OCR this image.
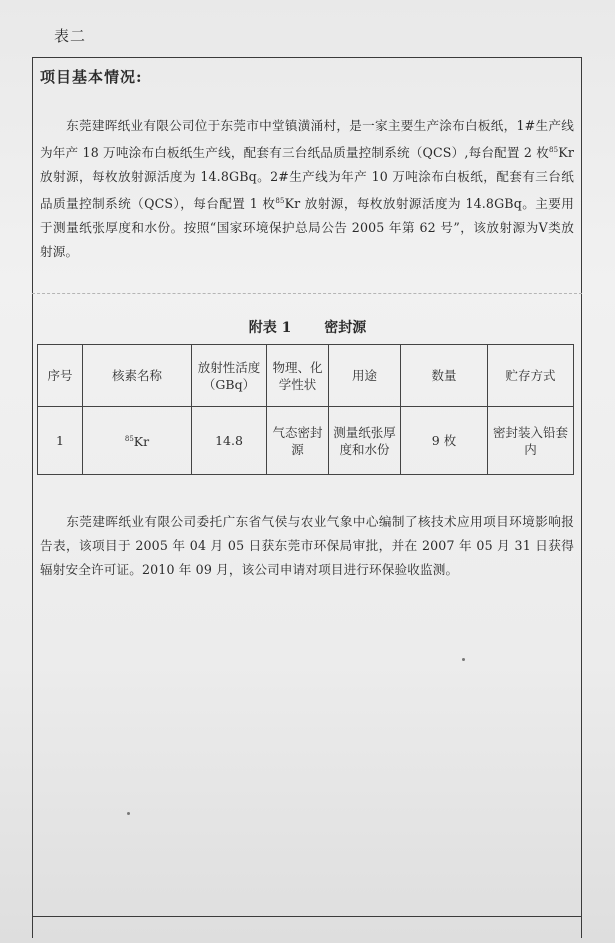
表二
项目基本情况:
东莞建晖纸业有限公司位于东莞市中堂镇潢涌村，是一家主要生产涂布白板纸，1#生产线为年产 18 万吨涂布白板纸生产线，配套有三台纸品质量控制系统（QCS）,每台配置 2 枚$^{85}$Kr 放射源，每枚放射源活度为 14.8GBq。2#生产线为年产 10 万吨涂布白板纸，配套有三台纸品质量控制系统（QCS），每台配置 1 枚$^{85}$Kr 放射源，每枚放射源活度为 14.8GBq。主要用于测量纸张厚度和水份。按照“国家环境保护总局公告 2005 年第 62 号”，该放射源为Ⅴ类放射源。
附表 1 密封源
序号	核素名称	放射性活度（GBq）	物理、化学性状	用途	数量	贮存方式
1	$^{85}$Kr	14.8	气态密封源	测量纸张厚度和水份	9 枚	密封装入铅套内
东莞建晖纸业有限公司委托广东省气侯与农业气象中心编制了核技术应用项目环境影响报告表，该项目于 2005 年 04 月 05 日获东莞市环保局审批，并在 2007 年 05 月 31 日获得辐射安全许可证。2010 年 09 月，该公司申请对项目进行环保验收监测。
